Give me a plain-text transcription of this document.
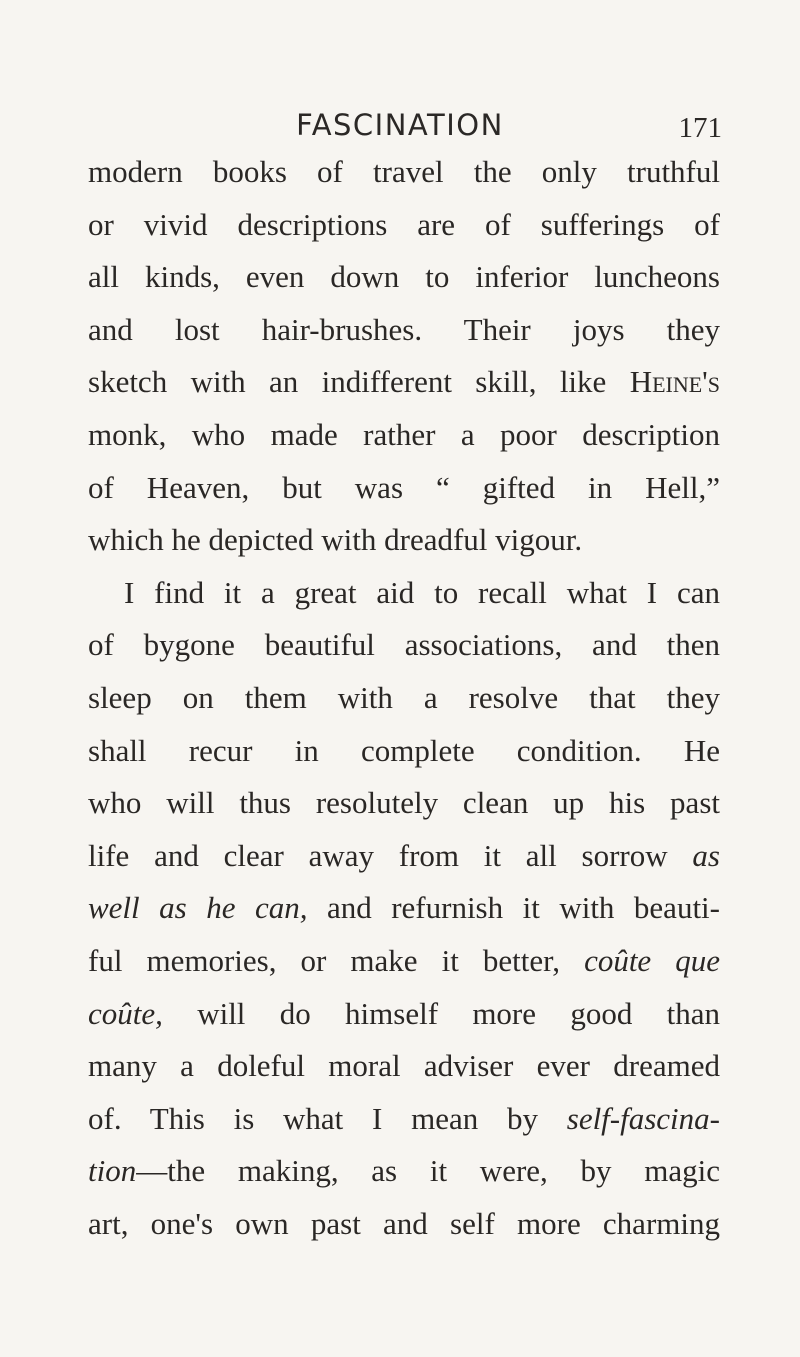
FASCINATION	171
modern books of travel the only truthful
or vivid descriptions are of sufferings of
all kinds, even down to inferior luncheons
and lost hair-brushes. Their joys they
sketch with an indifferent skill, like Heine's
monk, who made rather a poor description
of Heaven, but was “ gifted in Hell,”
which he depicted with dreadful vigour.
I find it a great aid to recall what I can
of bygone beautiful associations, and then
sleep on them with a resolve that they
shall recur in complete condition. He
who will thus resolutely clean up his past
life and clear away from it all sorrow as
well as he can, and refurnish it with beauti-
ful memories, or make it better, coûte que
coûte, will do himself more good than
many a doleful moral adviser ever dreamed
of. This is what I mean by self-fascina-
tion—the making, as it were, by magic
art, one's own past and self more charming
